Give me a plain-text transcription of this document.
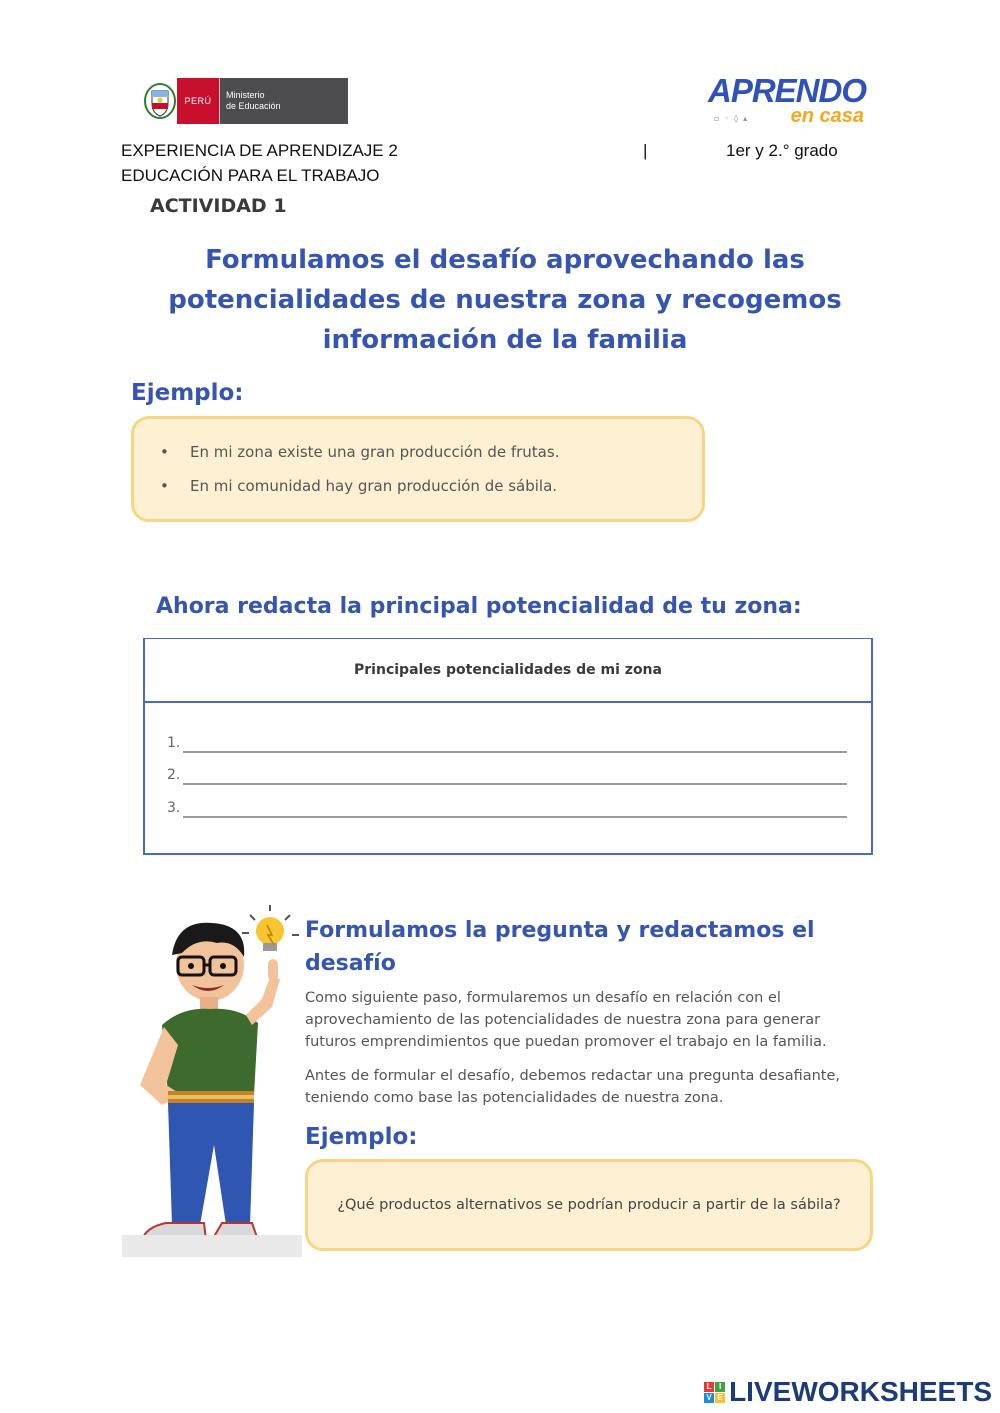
PERÚ
Ministerio
de Educación	APRENDO
▫◦◊▴ en casa
EXPERIENCIA DE APRENDIZAJE 2	|	1er y 2.° grado
EDUCACIÓN PARA EL TRABAJO
ACTIVIDAD 1
Formulamos el desafío aprovechando las
potencialidades de nuestra zona y recogemos
información de la familia
Ejemplo:
• En mi zona existe una gran producción de frutas.
• En mi comunidad hay gran producción de sábila.
Ahora redacta la principal potencialidad de tu zona:
Principales potencialidades de mi zona
1.
2.
3.
Formulamos la pregunta y redactamos el
desafío
Como siguiente paso, formularemos un desafío en relación con el
aprovechamiento de las potencialidades de nuestra zona para generar
futuros emprendimientos que puedan promover el trabajo en la familia.
Antes de formular el desafío, debemos redactar una pregunta desafiante,
teniendo como base las potencialidades de nuestra zona.
Ejemplo:
¿Qué productos alternativos se podrían producir a partir de la sábila?
L I
V E LIVEWORKSHEETS
